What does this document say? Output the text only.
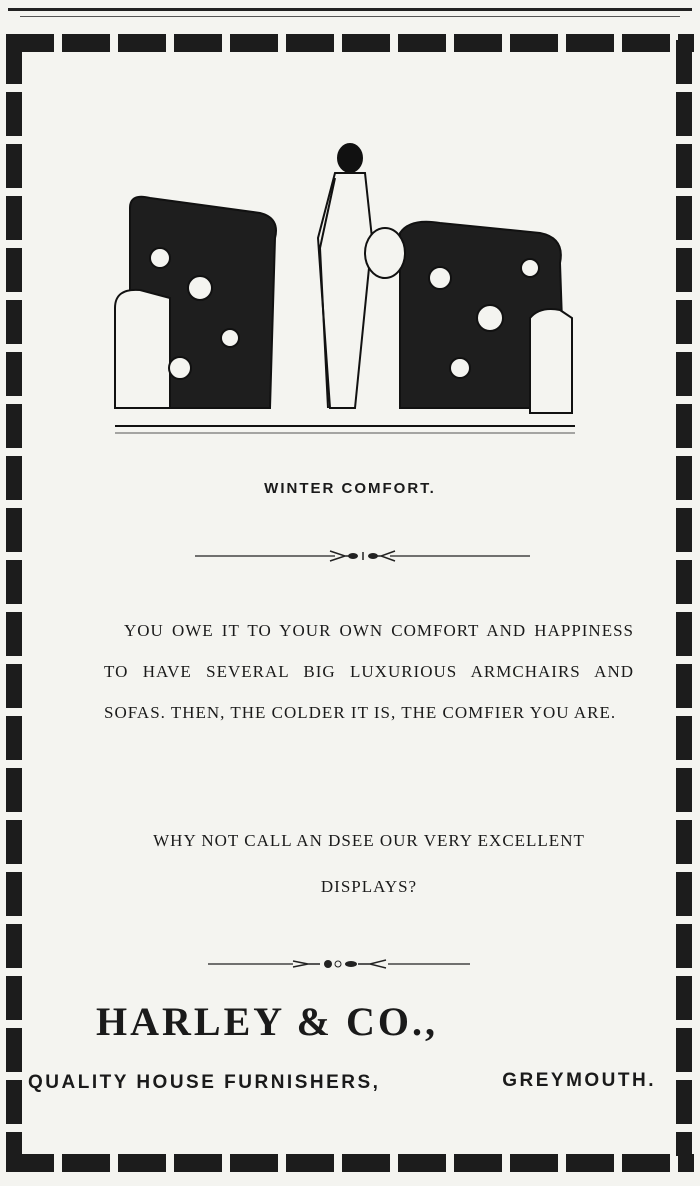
WINTER COMFORT.
YOU OWE IT TO YOUR OWN COMFORT AND HAPPINESS TO HAVE SEVERAL BIG LUXURIOUS ARMCHAIRS AND SOFAS. THEN, THE COLDER IT IS, THE COMFIER YOU ARE.
WHY NOT CALL AN DSEE OUR VERY EXCELLENT DISPLAYS?
HARLEY & CO.,
QUALITY HOUSE FURNISHERS,	GREYMOUTH.
